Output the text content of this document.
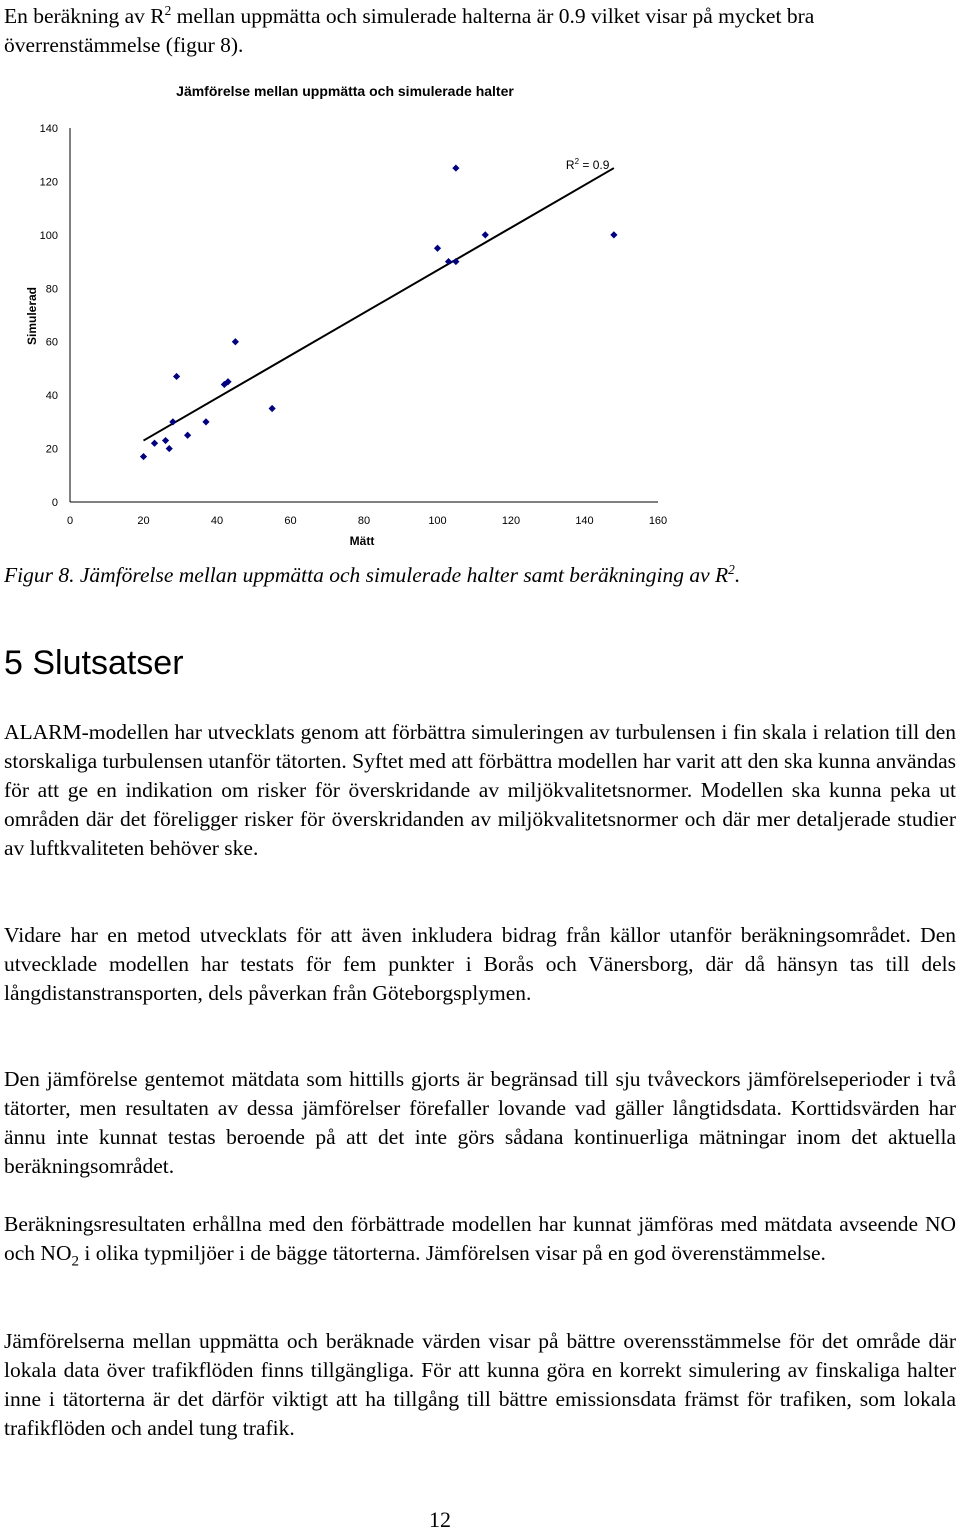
En beräkning av $R^2$ mellan uppmätta och simulerade halterna är 0.9 vilket visar på mycket bra överrenstämmelse (figur 8).

Jämförelse mellan uppmätta och simulerade halter
Simulerad
Mätt
0
20
40
60
80
100
120
140
0	20	40	60	80	100	120	140	160
$R^2 = 0.9$

Figur 8. Jämförelse mellan uppmätta och simulerade halter samt beräkninging av $R^2$.

5 Slutsatser

ALARM-modellen har utvecklats genom att förbättra simuleringen av turbulensen i fin skala i relation till den storskaliga turbulensen utanför tätorten. Syftet med att förbättra modellen har varit att den ska kunna användas för att ge en indikation om risker för överskridande av miljökvalitetsnormer. Modellen ska kunna peka ut områden där det föreligger risker för överskridanden av miljökvalitetsnormer och där mer detaljerade studier av luftkvaliteten behöver ske.

Vidare har en metod utvecklats för att även inkludera bidrag från källor utanför beräkningsområdet. Den utvecklade modellen har testats för fem punkter i Borås och Vänersborg, där då hänsyn tas till dels långdistanstransporten, dels påverkan från Göteborgsplymen.

Den jämförelse gentemot mätdata som hittills gjorts är begränsad till sju tvåveckors jämförelseperioder i två tätorter, men resultaten av dessa jämförelser förefaller lovande vad gäller långtidsdata. Korttidsvärden har ännu inte kunnat testas beroende på att det inte görs sådana kontinuerliga mätningar inom det aktuella beräkningsområdet.

Beräkningsresultaten erhållna med den förbättrade modellen har kunnat jämföras med mätdata avseende NO och $NO_2$ i olika typmiljöer i de bägge tätorterna. Jämförelsen visar på en god överenstämmelse.

Jämförelserna mellan uppmätta och beräknade värden visar på bättre overensstämmelse för det område där lokala data över trafikflöden finns tillgängliga. För att kunna göra en korrekt simulering av finskaliga halter inne i tätorterna är det därför viktigt att ha tillgång till bättre emissionsdata främst för trafiken, som lokala trafikflöden och andel tung trafik.

12
